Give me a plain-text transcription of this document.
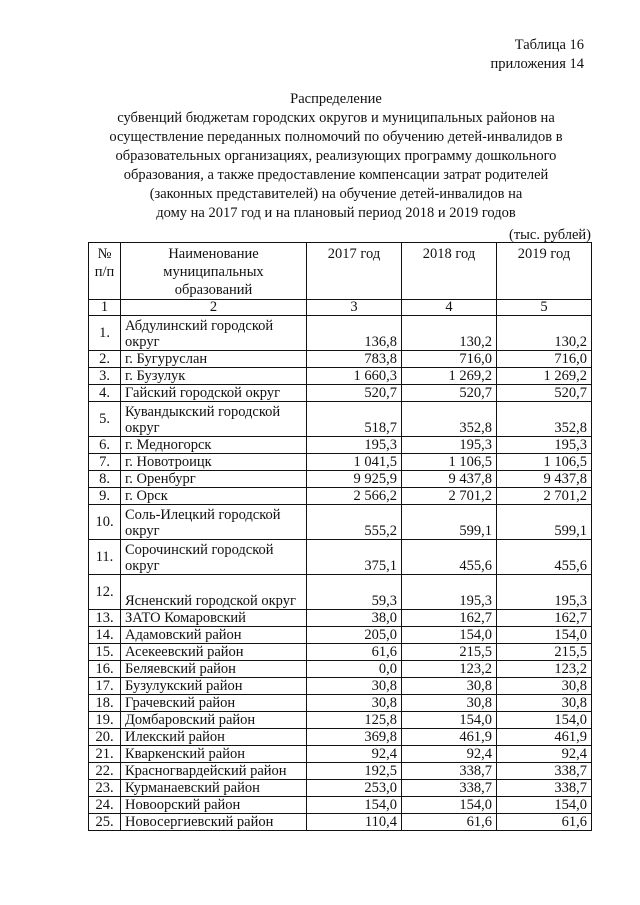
Таблица 16
приложения 14
Распределение
субвенций бюджетам городских округов и муниципальных районов на
осуществление переданных полномочий по обучению детей-инвалидов в
образовательных организациях, реализующих программу дошкольного
образования, а также предоставление компенсации затрат родителей
(законных представителей) на обучение детей-инвалидов на
дому на 2017 год и на плановый период 2018 и 2019 годов
(тыс. рублей)
№ п/п	Наименование муниципальных образований	2017 год	2018 год	2019 год
1	2	3	4	5
1.	Абдулинский городской округ	136,8	130,2	130,2
2.	г. Бугуруслан	783,8	716,0	716,0
3.	г. Бузулук	1 660,3	1 269,2	1 269,2
4.	Гайский городской округ	520,7	520,7	520,7
5.	Кувандыкский городской округ	518,7	352,8	352,8
6.	г. Медногорск	195,3	195,3	195,3
7.	г. Новотроицк	1 041,5	1 106,5	1 106,5
8.	г. Оренбург	9 925,9	9 437,8	9 437,8
9.	г. Орск	2 566,2	2 701,2	2 701,2
10.	Соль-Илецкий городской округ	555,2	599,1	599,1
11.	Сорочинский городской округ	375,1	455,6	455,6
12.	Ясненский городской округ	59,3	195,3	195,3
13.	ЗАТО Комаровский	38,0	162,7	162,7
14.	Адамовский район	205,0	154,0	154,0
15.	Асекеевский район	61,6	215,5	215,5
16.	Беляевский район	0,0	123,2	123,2
17.	Бузулукский район	30,8	30,8	30,8
18.	Грачевский район	30,8	30,8	30,8
19.	Домбаровский район	125,8	154,0	154,0
20.	Илекский район	369,8	461,9	461,9
21.	Кваркенский район	92,4	92,4	92,4
22.	Красногвардейский район	192,5	338,7	338,7
23.	Курманаевский район	253,0	338,7	338,7
24.	Новоорский район	154,0	154,0	154,0
25.	Новосергиевский район	110,4	61,6	61,6
